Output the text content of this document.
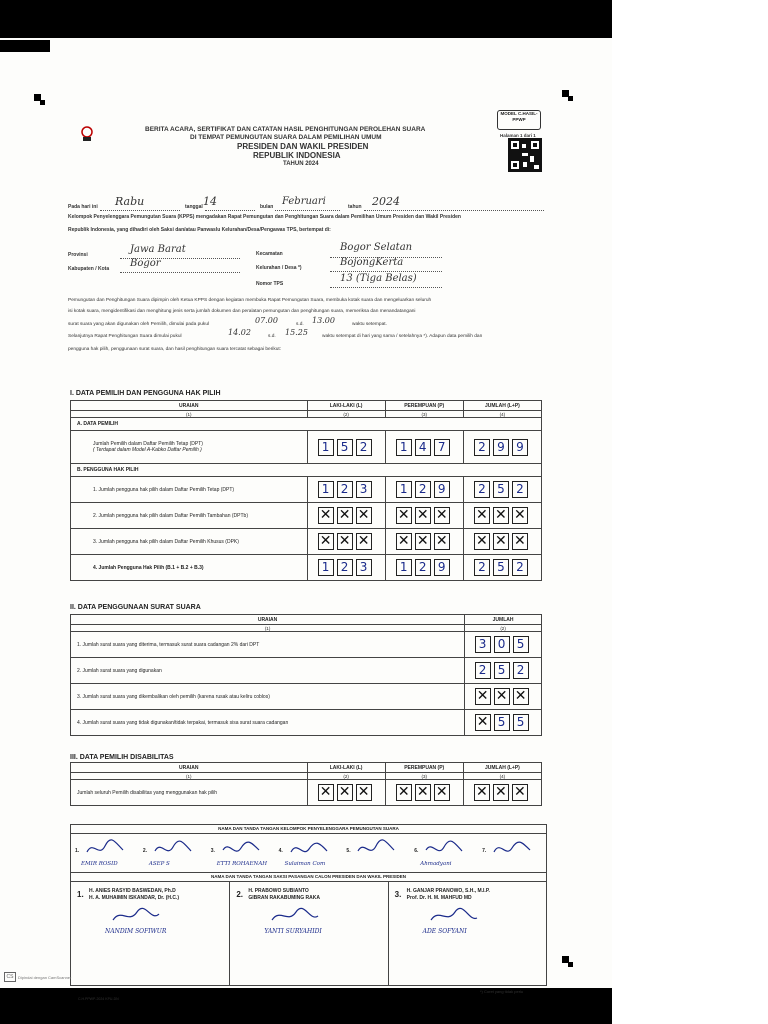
BERITA ACARA, SERTIFIKAT DAN CATATAN HASIL PENGHITUNGAN PEROLEHAN SUARA
DI TEMPAT PEMUNGUTAN SUARA DALAM PEMILIHAN UMUM
PRESIDEN DAN WAKIL PRESIDEN
REPUBLIK INDONESIA
TAHUN 2024
MODEL C.HASIL-PPWP
Halaman 1 dari 1
Pada hari ini Rabu	tanggal 14	bulan Februari	tahun 2024
Kelompok Penyelenggara Pemungutan Suara (KPPS) mengadakan Rapat Pemungutan dan Penghitungan Suara dalam Pemilihan Umum Presiden dan Wakil Presiden
Republik Indonesia, yang dihadiri oleh Saksi dan/atau Panwaslu Kelurahan/Desa/Pengawas TPS, bertempat di:
Provinsi	Jawa Barat
Kabupaten / Kota Bogor
Kecamatan
Bogor Selatan
Kelurahan / Desa *)	BojongKerta
Nomor TPS	13 (Tiga Belas)
Pemungutan dan Penghitungan Suara dipimpin oleh Ketua KPPS dengan kegiatan membuka Rapat Pemungutan Suara, membuka kotak suara dan mengeluarkan seluruh
isi kotak suara, mengidentifikasi dan menghitung jenis serta jumlah dokumen dan peralatan pemungutan dan penghitungan suara, memeriksa dan menandatangani
surat suara yang akan digunakan oleh Pemilih, dimulai pada pukul	07.00	s.d. 13.00	waktu setempat.
Selanjutnya Rapat Penghitungan Suara dimulai pukul	14.02	s.d. 15.25	waktu setempat di hari yang sama / setelahnya *). Adapun data pemilih dan
pengguna hak pilih, penggunaan surat suara, dan hasil penghitungan suara tercatat sebagai berikut:
I. DATA PEMILIH DAN PENGGUNA HAK PILIH
URAIAN	LAKI-LAKI (L)	PEREMPUAN (P)	JUMLAH (L+P)
(1)	(2)	(3)	(4)
A. DATA PEMILIH			

Jumlah Pemilih dalam Daftar Pemilih Tetap (DPT)
( Terdapat dalam Model A-Kabko Daftar Pemilih )	1 5 2	1 4 7	2 9 9
B. PENGGUNA HAK PILIH			
1. Jumlah pengguna hak pilih dalam Daftar Pemilih Tetap (DPT)	1 2 3	1 2 9	2 5 2
2. Jumlah pengguna hak pilih dalam Daftar Pemilih Tambahan (DPTb)	✕ ✕ ✕	✕ ✕ ✕	✕ ✕ ✕
3. Jumlah pengguna hak pilih dalam Daftar Pemilih Khusus (DPK)	✕ ✕ ✕	✕ ✕ ✕	✕ ✕ ✕
4. Jumlah Pengguna Hak Pilih (B.1 + B.2 + B.3)	1 2 3	1 2 9	2 5 2
II. DATA PENGGUNAAN SURAT SUARA
URAIAN	JUMLAH
(1)	(2)
1. Jumlah surat suara yang diterima, termasuk surat suara cadangan 2% dari DPT	3 0 5
2. Jumlah surat suara yang digunakan	2 5 2
3. Jumlah surat suara yang dikembalikan oleh pemilih (karena rusak atau keliru coblos)	✕ ✕ ✕
4. Jumlah surat suara yang tidak digunakan/tidak terpakai, termasuk sisa surat suara cadangan	✕ 5 5
III. DATA PEMILIH DISABILITAS
URAIAN	LAKI-LAKI (L)	PEREMPUAN (P)	JUMLAH (L+P)
(1)	(2)	(3)	(4)
Jumlah seluruh Pemilih disabilitas yang menggunakan hak pilih	✕ ✕ ✕	✕ ✕ ✕	✕ ✕ ✕
NAMA DAN TANDA TANGAN KELOMPOK PENYELENGGARA PEMUNGUTAN SUARA
1.
EMIR ROSID
2.
ASEP S
3.
ETTI ROHAENAH
4.
Sulaiman Com
5.	6.
Ahmadyani
7.
NAMA DAN TANDA TANGAN SAKSI PASANGAN CALON PRESIDEN DAN WAKIL PRESIDEN
1. H. ANIES RASYID BASWEDAN, Ph.D
H. A. MUHAIMIN ISKANDAR, Dr. (H.C.)
NANDIM SOFIWUR
2. H. PRABOWO SUBIANTO
GIBRAN RAKABUMING RAKA
YANTI SURYAHIDI
3. H. GANJAR PRANOWO, S.H., M.I.P.
Prof. Dr. H. M. MAHFUD MD
ADE SOFYANI
*) Coret yang tidak perlu
C.H.PPWP-2024 KPU-DN
CS	Dipindai dengan CamScanner
